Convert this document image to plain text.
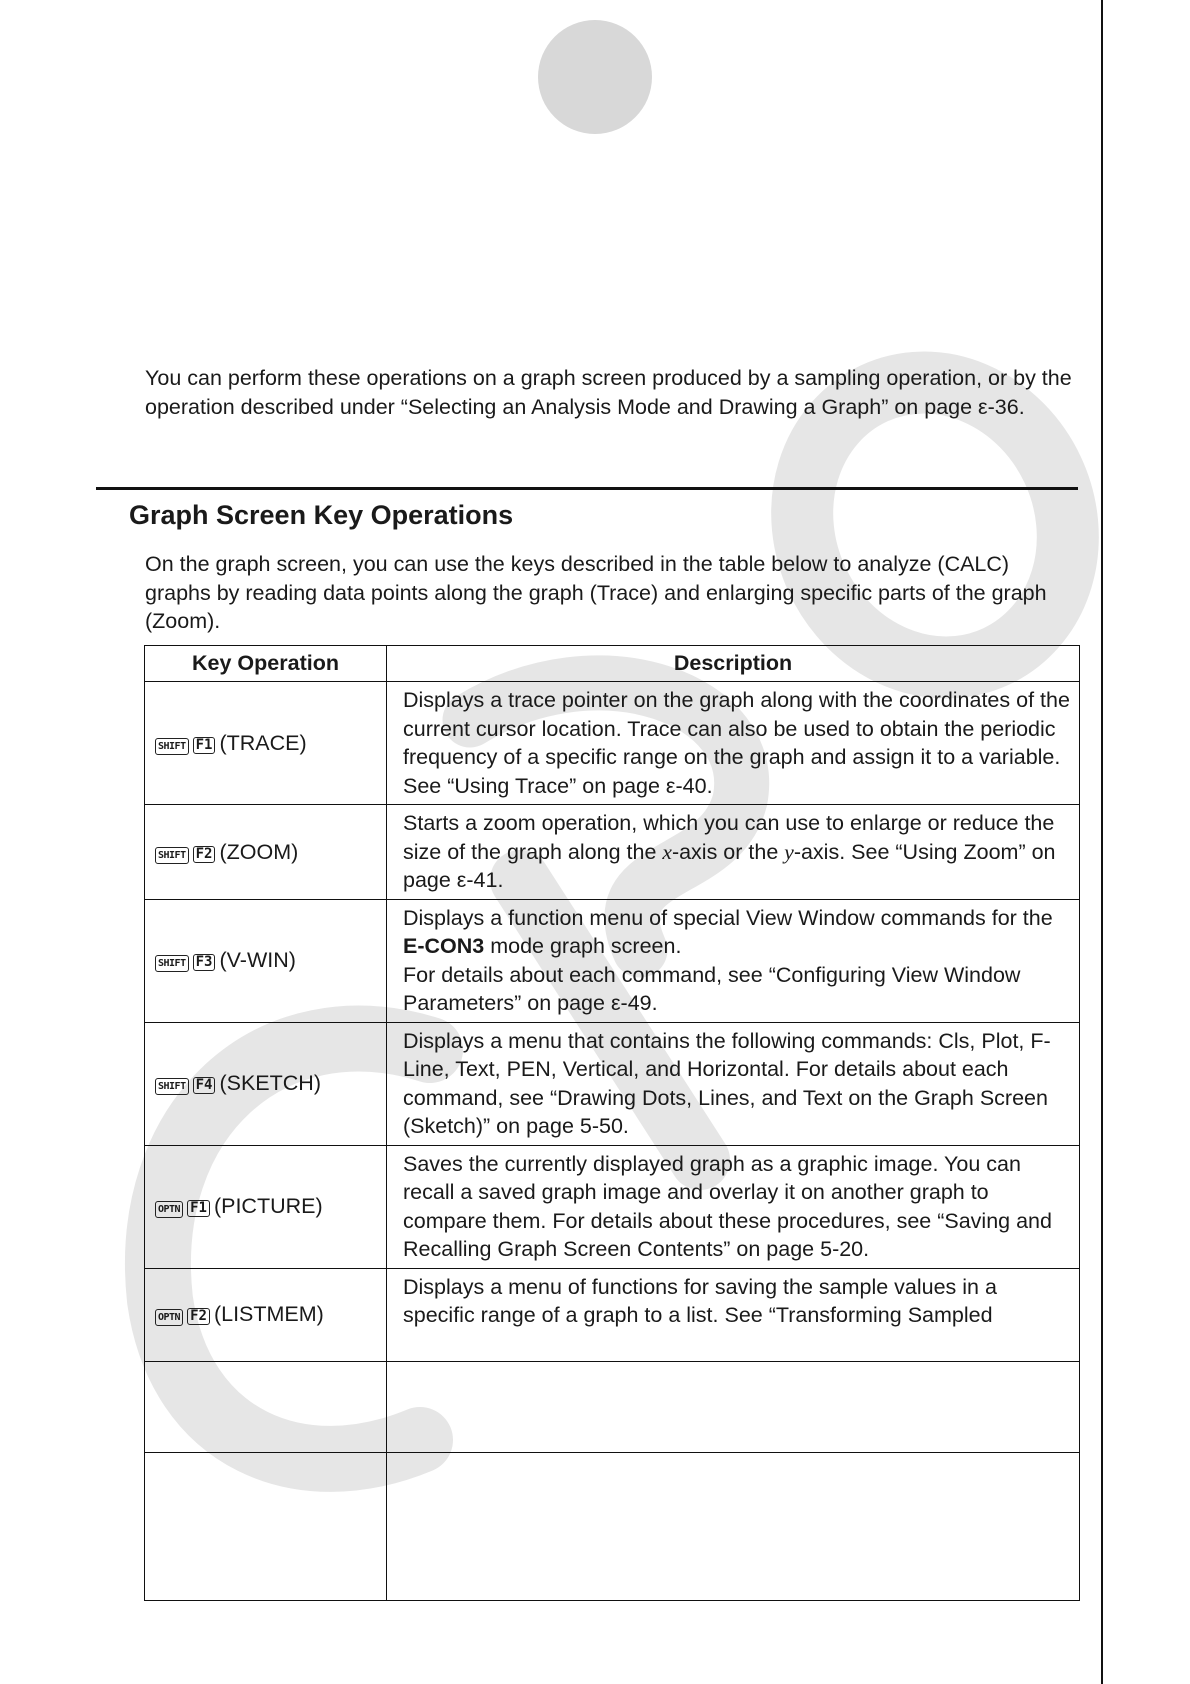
You can perform these operations on a graph screen produced by a sampling operation, or by the operation described under “Selecting an Analysis Mode and Drawing a Graph” on page ε-36.

Graph Screen Key Operations

On the graph screen, you can use the keys described in the table below to analyze (CALC) graphs by reading data points along the graph (Trace) and enlarging specific parts of the graph (Zoom).

Key Operation	Description
SHIFT F1 (TRACE)	Displays a trace pointer on the graph along with the coordinates of the current cursor location. Trace can also be used to obtain the periodic frequency of a specific range on the graph and assign it to a variable. See “Using Trace” on page ε-40.
SHIFT F2 (ZOOM)	Starts a zoom operation, which you can use to enlarge or reduce the size of the graph along the x-axis or the y-axis. See “Using Zoom” on page ε-41.
SHIFT F3 (V-WIN)	Displays a function menu of special View Window commands for the E-CON3 mode graph screen.
For details about each command, see “Configuring View Window Parameters” on page ε-49.
SHIFT F4 (SKETCH)	Displays a menu that contains the following commands: Cls, Plot, F-Line, Text, PEN, Vertical, and Horizontal. For details about each command, see “Drawing Dots, Lines, and Text on the Graph Screen (Sketch)” on page 5-50.
OPTN F1 (PICTURE)	Saves the currently displayed graph as a graphic image. You can recall a saved graph image and overlay it on another graph to compare them. For details about these procedures, see “Saving and Recalling Graph Screen Contents” on page 5-20.
OPTN F2 (LISTMEM)	Displays a menu of functions for saving the sample values in a specific range of a graph to a list. See “Transforming Sampled
